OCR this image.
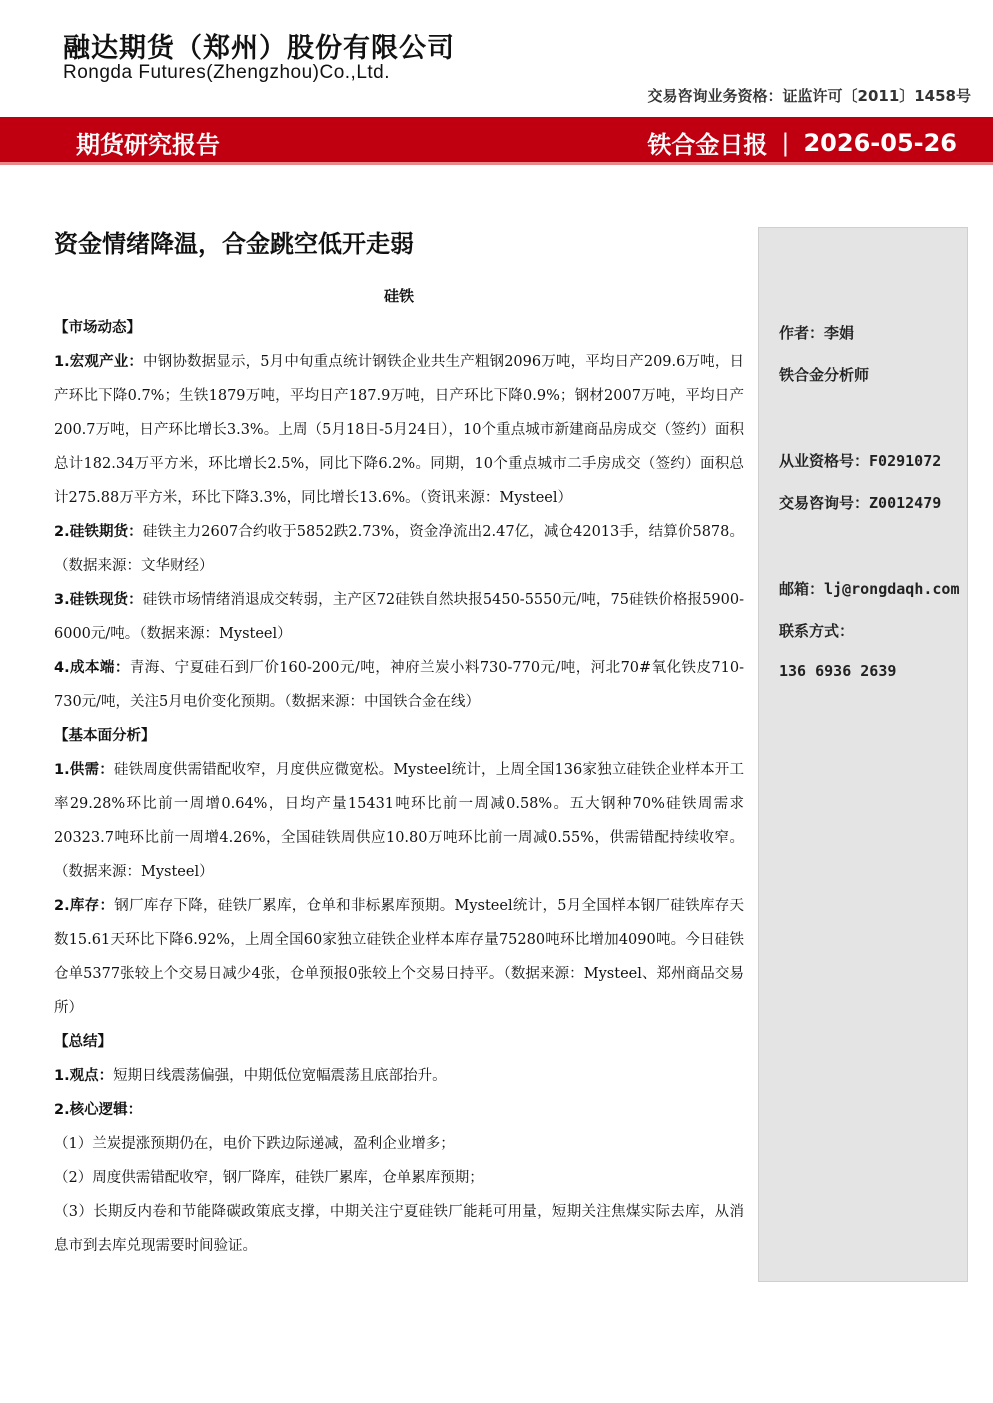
融达期货（郑州）股份有限公司
Rongda Futures(Zhengzhou)Co.,Ltd.
交易咨询业务资格：证监许可〔2011〕1458号
期货研究报告	铁合金日报 | 2026-05-26
资金情绪降温，合金跳空低开走弱
硅铁

【市场动态】

1.宏观产业：中钢协数据显示，5月中旬重点统计钢铁企业共生产粗钢2096万吨，平均日产209.6万吨，日产环比下降0.7%；生铁1879万吨，平均日产187.9万吨，日产环比下降0.9%；钢材2007万吨，平均日产200.7万吨，日产环比增长3.3%。上周（5月18日-5月24日），10个重点城市新建商品房成交（签约）面积总计182.34万平方米，环比增长2.5%，同比下降6.2%。同期，10个重点城市二手房成交（签约）面积总计275.88万平方米，环比下降3.3%，同比增长13.6%。（资讯来源：Mysteel）

2.硅铁期货：硅铁主力2607合约收于5852跌2.73%，资金净流出2.47亿，减仓42013手，结算价5878。（数据来源：文华财经）

3.硅铁现货：硅铁市场情绪消退成交转弱，主产区72硅铁自然块报5450-5550元/吨，75硅铁价格报5900-6000元/吨。（数据来源：Mysteel）

4.成本端：青海、宁夏硅石到厂价160-200元/吨，神府兰炭小料730-770元/吨，河北70#氧化铁皮710-730元/吨，关注5月电价变化预期。（数据来源：中国铁合金在线）

【基本面分析】

1.供需：硅铁周度供需错配收窄，月度供应微宽松。Mysteel统计，上周全国136家独立硅铁企业样本开工率29.28%环比前一周增0.64%，日均产量15431吨环比前一周减0.58%。五大钢种70%硅铁周需求20323.7吨环比前一周增4.26%，全国硅铁周供应10.80万吨环比前一周减0.55%，供需错配持续收窄。（数据来源：Mysteel）

2.库存：钢厂库存下降，硅铁厂累库，仓单和非标累库预期。Mysteel统计，5月全国样本钢厂硅铁库存天数15.61天环比下降6.92%，上周全国60家独立硅铁企业样本库存量75280吨环比增加4090吨。今日硅铁仓单5377张较上个交易日减少4张，仓单预报0张较上个交易日持平。（数据来源：Mysteel、郑州商品交易所）

【总结】

1.观点：短期日线震荡偏强，中期低位宽幅震荡且底部抬升。

2.核心逻辑：

（1）兰炭提涨预期仍在，电价下跌边际递减，盈利企业增多；

（2）周度供需错配收窄，钢厂降库，硅铁厂累库，仓单累库预期；

（3）长期反内卷和节能降碳政策底支撑，中期关注宁夏硅铁厂能耗可用量，短期关注焦煤实际去库，从消息市到去库兑现需要时间验证。

作者：李娟
铁合金分析师
从业资格号：F0291072
交易咨询号：Z0012479
邮箱：lj@rongdaqh.com
联系方式：
136 6936 2639
